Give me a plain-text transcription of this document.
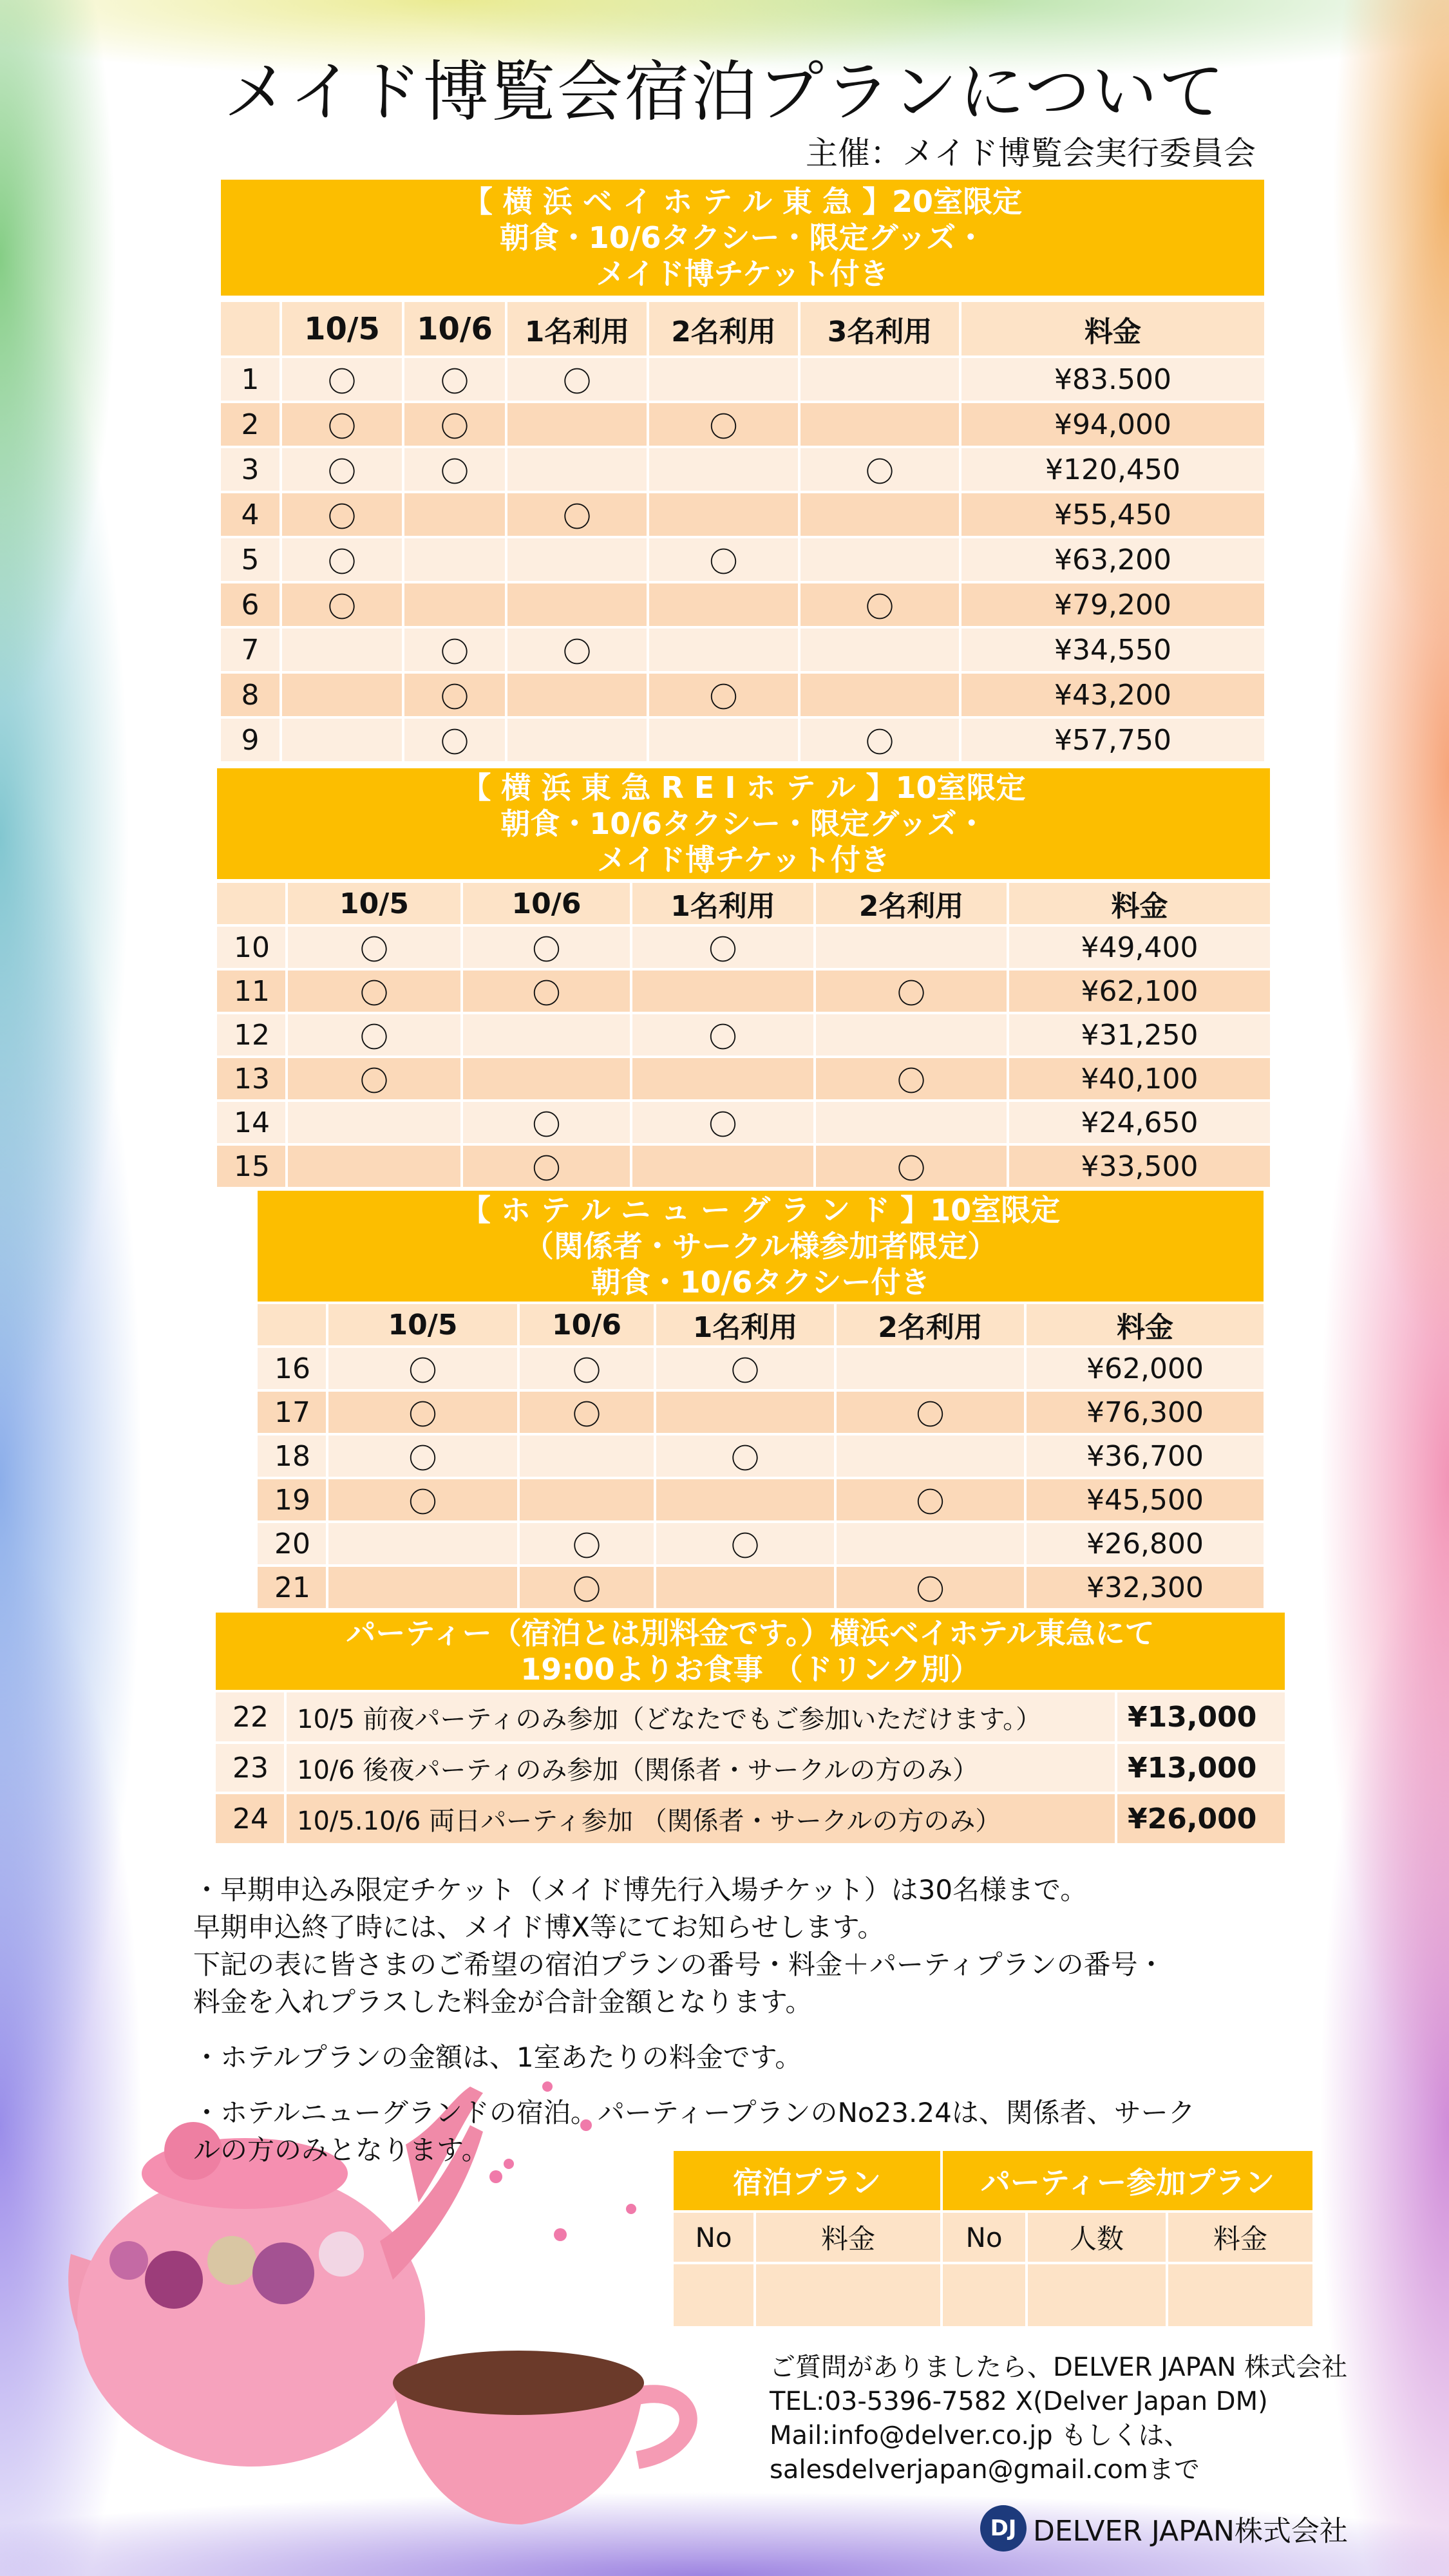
メイド博覧会宿泊プランについて
主催：メイド博覧会実行委員会
【 横 浜 ベ イ ホ テ ル 東 急 】20室限定
朝食・10/6タクシー・限定グッズ・
メイド博チケット付き
	10/5	10/6	1名利用	2名利用	3名利用	料金
1	〇	〇	〇			¥83.500
2	〇	〇		〇		¥94,000
3	〇	〇			〇	¥120,450
4	〇		〇			¥55,450
5	〇			〇		¥63,200
6	〇				〇	¥79,200
7		〇	〇			¥34,550
8		〇		〇		¥43,200
9		〇			〇	¥57,750
【 横 浜 東 急 R E I ホ テ ル 】10室限定
朝食・10/6タクシー・限定グッズ・
メイド博チケット付き
	10/5	10/6	1名利用	2名利用	料金
10	〇	〇	〇		¥49,400
11	〇	〇		〇	¥62,100
12	〇		〇		¥31,250
13	〇			〇	¥40,100
14		〇	〇		¥24,650
15		〇		〇	¥33,500
【 ホ テ ル ニ ュ ー グ ラ ン ド 】10室限定
（関係者・サークル様参加者限定）
朝食・10/6タクシー付き
	10/5	10/6	1名利用	2名利用	料金
16	〇	〇	〇		¥62,000
17	〇	〇		〇	¥76,300
18	〇		〇		¥36,700
19	〇			〇	¥45,500
20		〇	〇		¥26,800
21		〇		〇	¥32,300
パーティー（宿泊とは別料金です。）横浜ベイホテル東急にて
19:00よりお食事 （ドリンク別）
22	10/5 前夜パーティのみ参加（どなたでもご参加いただけます。）	¥13,000
23	10/6 後夜パーティのみ参加（関係者・サークルの方のみ）	¥13,000
24	10/5.10/6 両日パーティ参加 （関係者・サークルの方のみ）	¥26,000

・早期申込み限定チケット（メイド博先行入場チケット）は30名様まで。

早期申込終了時には、メイド博X等にてお知らせします。

下記の表に皆さまのご希望の宿泊プランの番号・料金＋パーティプランの番号・

料金を入れプラスした料金が合計金額となります。

・ホテルプランの金額は、1室あたりの料金です。

・ホテルニューグランドの宿泊。パーティープランのNo23.24は、関係者、サーク

ルの方のみとなります。

宿泊プラン		パーティー参加プラン		
No	料金	No	人数	料金

ご質問がありましたら、DELVER JAPAN 株式会社
TEL:03-5396-7582 X(Delver Japan DM)
Mail:info@delver.co.jp もしくは、
salesdelverjapan@gmail.comまで
DJ DELVER JAPAN株式会社
